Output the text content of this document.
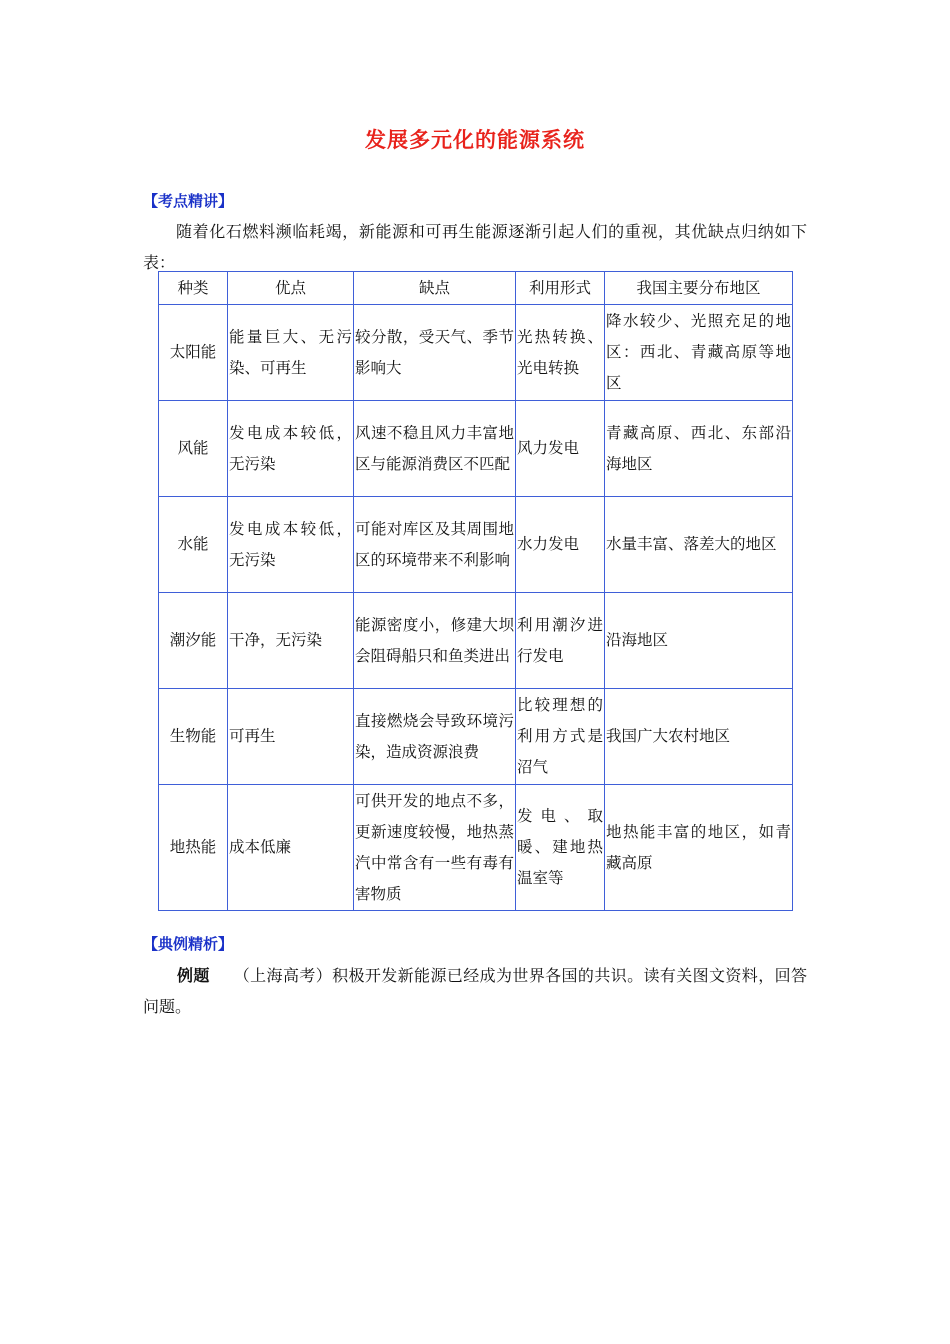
发展多元化的能源系统
【考点精讲】
随着化石燃料濒临耗竭，新能源和可再生能源逐渐引起人们的重视，其优缺点归纳如下表：
种类	优点	缺点	利用形式	我国主要分布地区
太阳能	能量巨大、无污染、可再生	较分散，受天气、季节影响大	光热转换、光电转换	降水较少、光照充足的地区：西北、青藏高原等地区
风能	发电成本较低，无污染	风速不稳且风力丰富地区与能源消费区不匹配	风力发电	青藏高原、西北、东部沿海地区
水能	发电成本较低，无污染	可能对库区及其周围地区的环境带来不利影响	水力发电	水量丰富、落差大的地区
潮汐能	干净，无污染	能源密度小，修建大坝会阻碍船只和鱼类进出	利用潮汐进行发电	沿海地区
生物能	可再生	直接燃烧会导致环境污染，造成资源浪费	比较理想的利用方式是沼气	我国广大农村地区
地热能	成本低廉	可供开发的地点不多，更新速度较慢，地热蒸汽中常含有一些有毒有害物质	发电、取暖、建地热温室等	地热能丰富的地区，如青藏高原
【典例精析】
例题 （上海高考）积极开发新能源已经成为世界各国的共识。读有关图文资料，回答问题。
